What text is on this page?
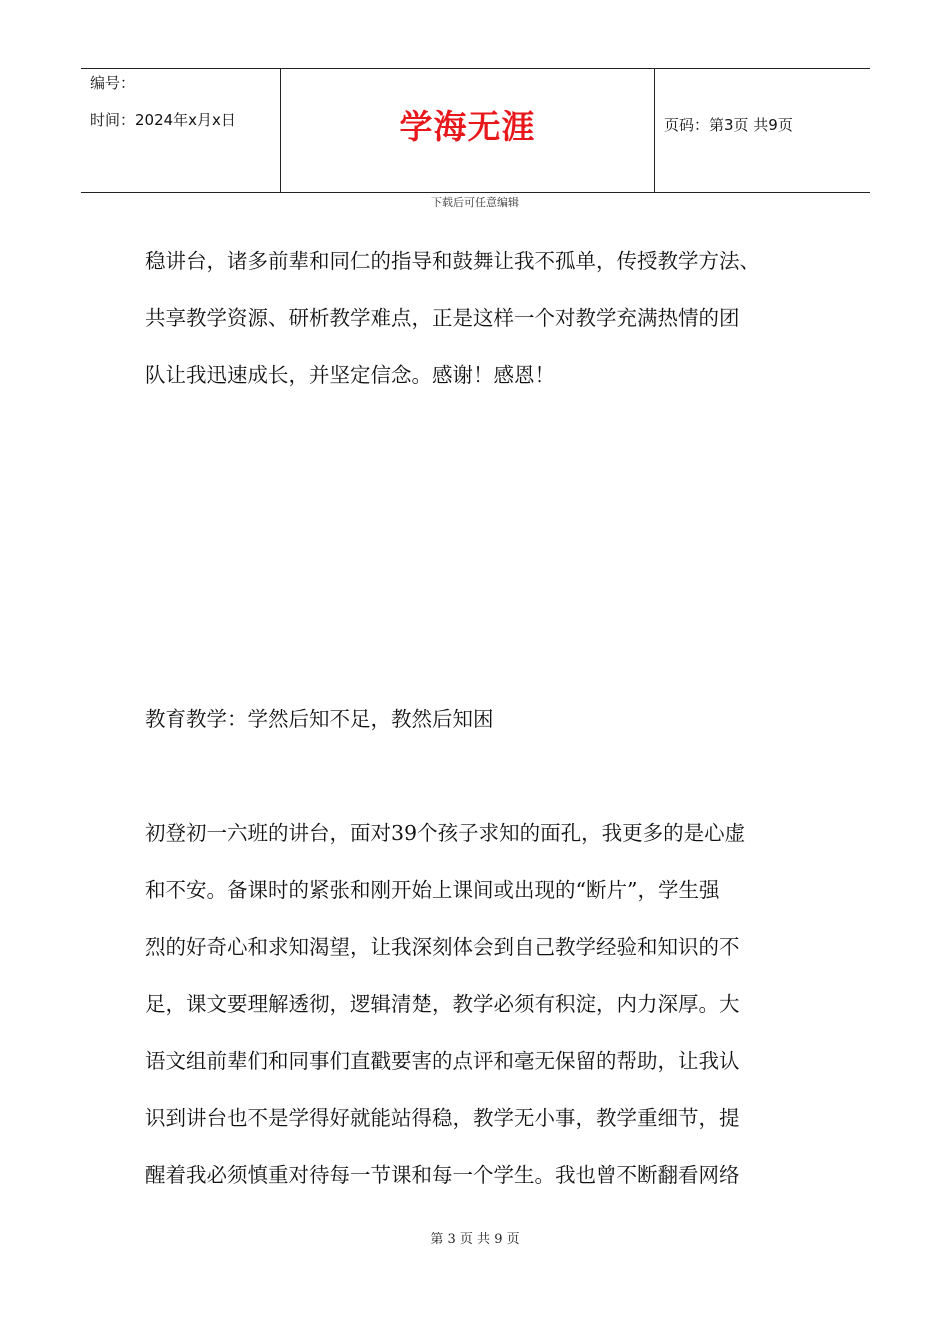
编号：
时间：2024年x月x日	学海无涯	页码：第3页 共9页
下载后可任意编辑
稳讲台，诸多前辈和同仁的指导和鼓舞让我不孤单，传授教学方法、
共享教学资源、研析教学难点，正是这样一个对教学充满热情的团
队让我迅速成长，并坚定信念。感谢！感恩！
教育教学：学然后知不足，教然后知困
初登初一六班的讲台，面对39个孩子求知的面孔，我更多的是心虚
和不安。备课时的紧张和刚开始上课间或出现的“断片”，学生强
烈的好奇心和求知渴望，让我深刻体会到自己教学经验和知识的不
足，课文要理解透彻，逻辑清楚，教学必须有积淀，内力深厚。大
语文组前辈们和同事们直戳要害的点评和毫无保留的帮助，让我认
识到讲台也不是学得好就能站得稳，教学无小事，教学重细节，提
醒着我必须慎重对待每一节课和每一个学生。我也曾不断翻看网络
第 3 页 共 9 页
